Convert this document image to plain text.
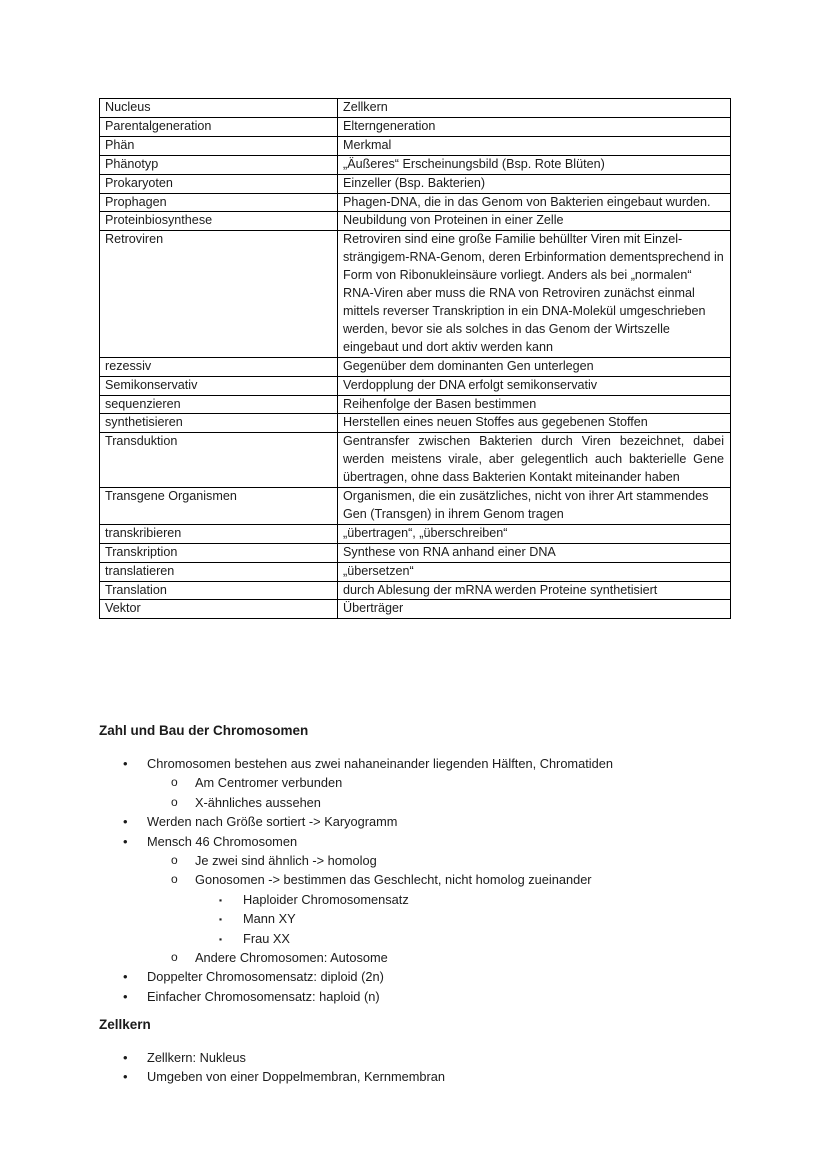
Nucleus	Zellkern
Parentalgeneration	Elterngeneration
Phän	Merkmal
Phänotyp	„Äußeres“ Erscheinungsbild (Bsp. Rote Blüten)
Prokaryoten	Einzeller (Bsp. Bakterien)
Prophagen	Phagen-DNA, die in das Genom von Bakterien eingebaut wurden.
Proteinbiosynthese	Neubildung von Proteinen in einer Zelle
Retroviren	Retroviren sind eine große Familie behüllter Viren mit Einzel-strängigem-RNA-Genom, deren Erbinformation dementsprechend in Form von Ribonukleinsäure vorliegt. Anders als bei „normalen“ RNA-Viren aber muss die RNA von Retroviren zunächst einmal mittels reverser Transkription in ein DNA-Molekül umgeschrieben werden, bevor sie als solches in das Genom der Wirtszelle eingebaut und dort aktiv werden kann
rezessiv	Gegenüber dem dominanten Gen unterlegen
Semikonservativ	Verdopplung der DNA erfolgt semikonservativ
sequenzieren	Reihenfolge der Basen bestimmen
synthetisieren	Herstellen eines neuen Stoffes aus gegebenen Stoffen
Transduktion	Gentransfer zwischen Bakterien durch Viren bezeichnet, dabei werden meistens virale, aber gelegentlich auch bakterielle Gene übertragen, ohne dass Bakterien Kontakt miteinander haben
Transgene Organismen	Organismen, die ein zusätzliches, nicht von ihrer Art stammendes Gen (Transgen) in ihrem Genom tragen
transkribieren	„übertragen“, „überschreiben“
Transkription	Synthese von RNA anhand einer DNA
translatieren	„übersetzen“
Translation	durch Ablesung der mRNA werden Proteine synthetisiert
Vektor	Überträger
Zahl und Bau der Chromosomen
• Chromosomen bestehen aus zwei nahaneinander liegenden Hälften, Chromatiden
o Am Centromer verbunden
o X-ähnliches aussehen
• Werden nach Größe sortiert -> Karyogramm
• Mensch 46 Chromosomen
o Je zwei sind ähnlich -> homolog
o Gonosomen -> bestimmen das Geschlecht, nicht homolog zueinander
▪ Haploider Chromosomensatz
▪ Mann XY
▪ Frau XX
o Andere Chromosomen: Autosome
• Doppelter Chromosomensatz: diploid (2n)
• Einfacher Chromosomensatz: haploid (n)
Zellkern
• Zellkern: Nukleus
• Umgeben von einer Doppelmembran, Kernmembran
